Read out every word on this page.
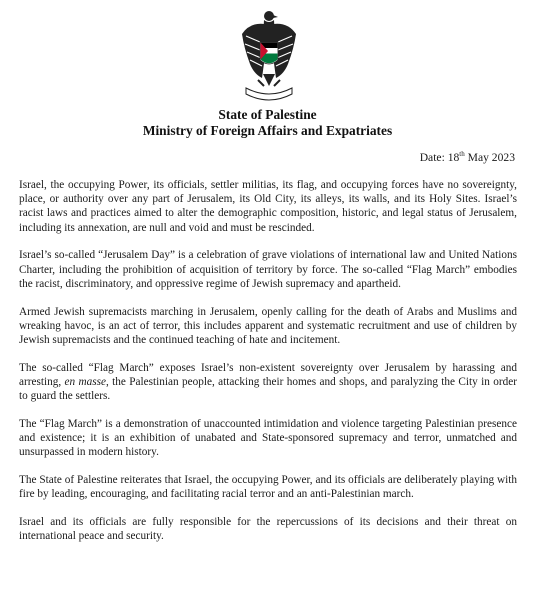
State of Palestine
Ministry of Foreign Affairs and Expatriates
Date: 18th May 2023

Israel, the occupying Power, its officials, settler militias, its flag, and occupying forces have no sovereignty, place, or authority over any part of Jerusalem, its Old City, its alleys, its walls, and its Holy Sites. Israel’s racist laws and practices aimed to alter the demographic composition, historic, and legal status of Jerusalem, including its annexation, are null and void and must be rescinded.

Israel’s so-called “Jerusalem Day” is a celebration of grave violations of international law and United Nations Charter, including the prohibition of acquisition of territory by force. The so-called “Flag March” embodies the racist, discriminatory, and oppressive regime of Jewish supremacy and apartheid.

Armed Jewish supremacists marching in Jerusalem, openly calling for the death of Arabs and Muslims and wreaking havoc, is an act of terror, this includes apparent and systematic recruitment and use of children by Jewish supremacists and the continued teaching of hate and incitement.

The so-called “Flag March” exposes Israel’s non-existent sovereignty over Jerusalem by harassing and arresting, en masse, the Palestinian people, attacking their homes and shops, and paralyzing the City in order to guard the settlers.

The “Flag March” is a demonstration of unaccounted intimidation and violence targeting Palestinian presence and existence; it is an exhibition of unabated and State-sponsored supremacy and terror, unmatched and unsurpassed in modern history.

The State of Palestine reiterates that Israel, the occupying Power, and its officials are deliberately playing with fire by leading, encouraging, and facilitating racial terror and an anti-Palestinian march.

Israel and its officials are fully responsible for the repercussions of its decisions and their threat on international peace and security.
